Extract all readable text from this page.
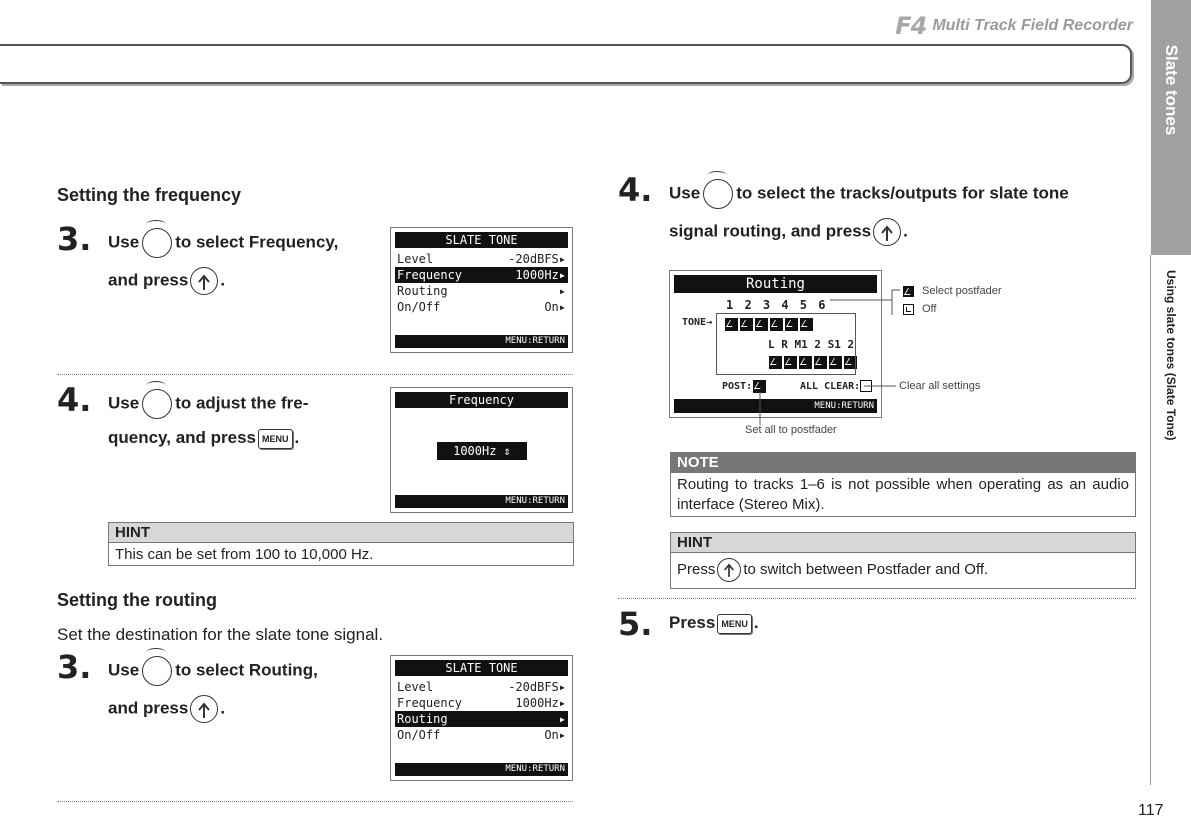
F4 Multi Track Field Recorder
Slate tones
Using slate tones (Slate Tone)
117
Setting the frequency
3. Use to select Frequency,
and press .
SLATE TONE
Level	-20dBFS▸
Frequency	1000Hz▸
Routing	▸
On/Off	On▸
MENU:RETURN
4. Use to adjust the fre-
quency, and press MENU .
Frequency
1000Hz ⇕
MENU:RETURN
HINT
This can be set from 100 to 10,000 Hz.
Setting the routing
Set the destination for the slate tone signal.
3. Use to select Routing,
and press .
SLATE TONE
Level	-20dBFS▸
Frequency	1000Hz▸
Routing	▸
On/Off	On▸
MENU:RETURN
4. Use to select the tracks/outputs for slate tone
signal routing, and press .
Routing
1 2 3 4 5 6
TONE→
L R M1 2 S1 2
POST:	ALL CLEAR:
MENU:RETURN
Select postfader
Off
Clear all settings
Set all to postfader
NOTE
Routing to tracks 1–6 is not possible when operating as an audio interface (Stereo Mix).
HINT
Press to switch between Postfader and Off.
5. Press MENU .
